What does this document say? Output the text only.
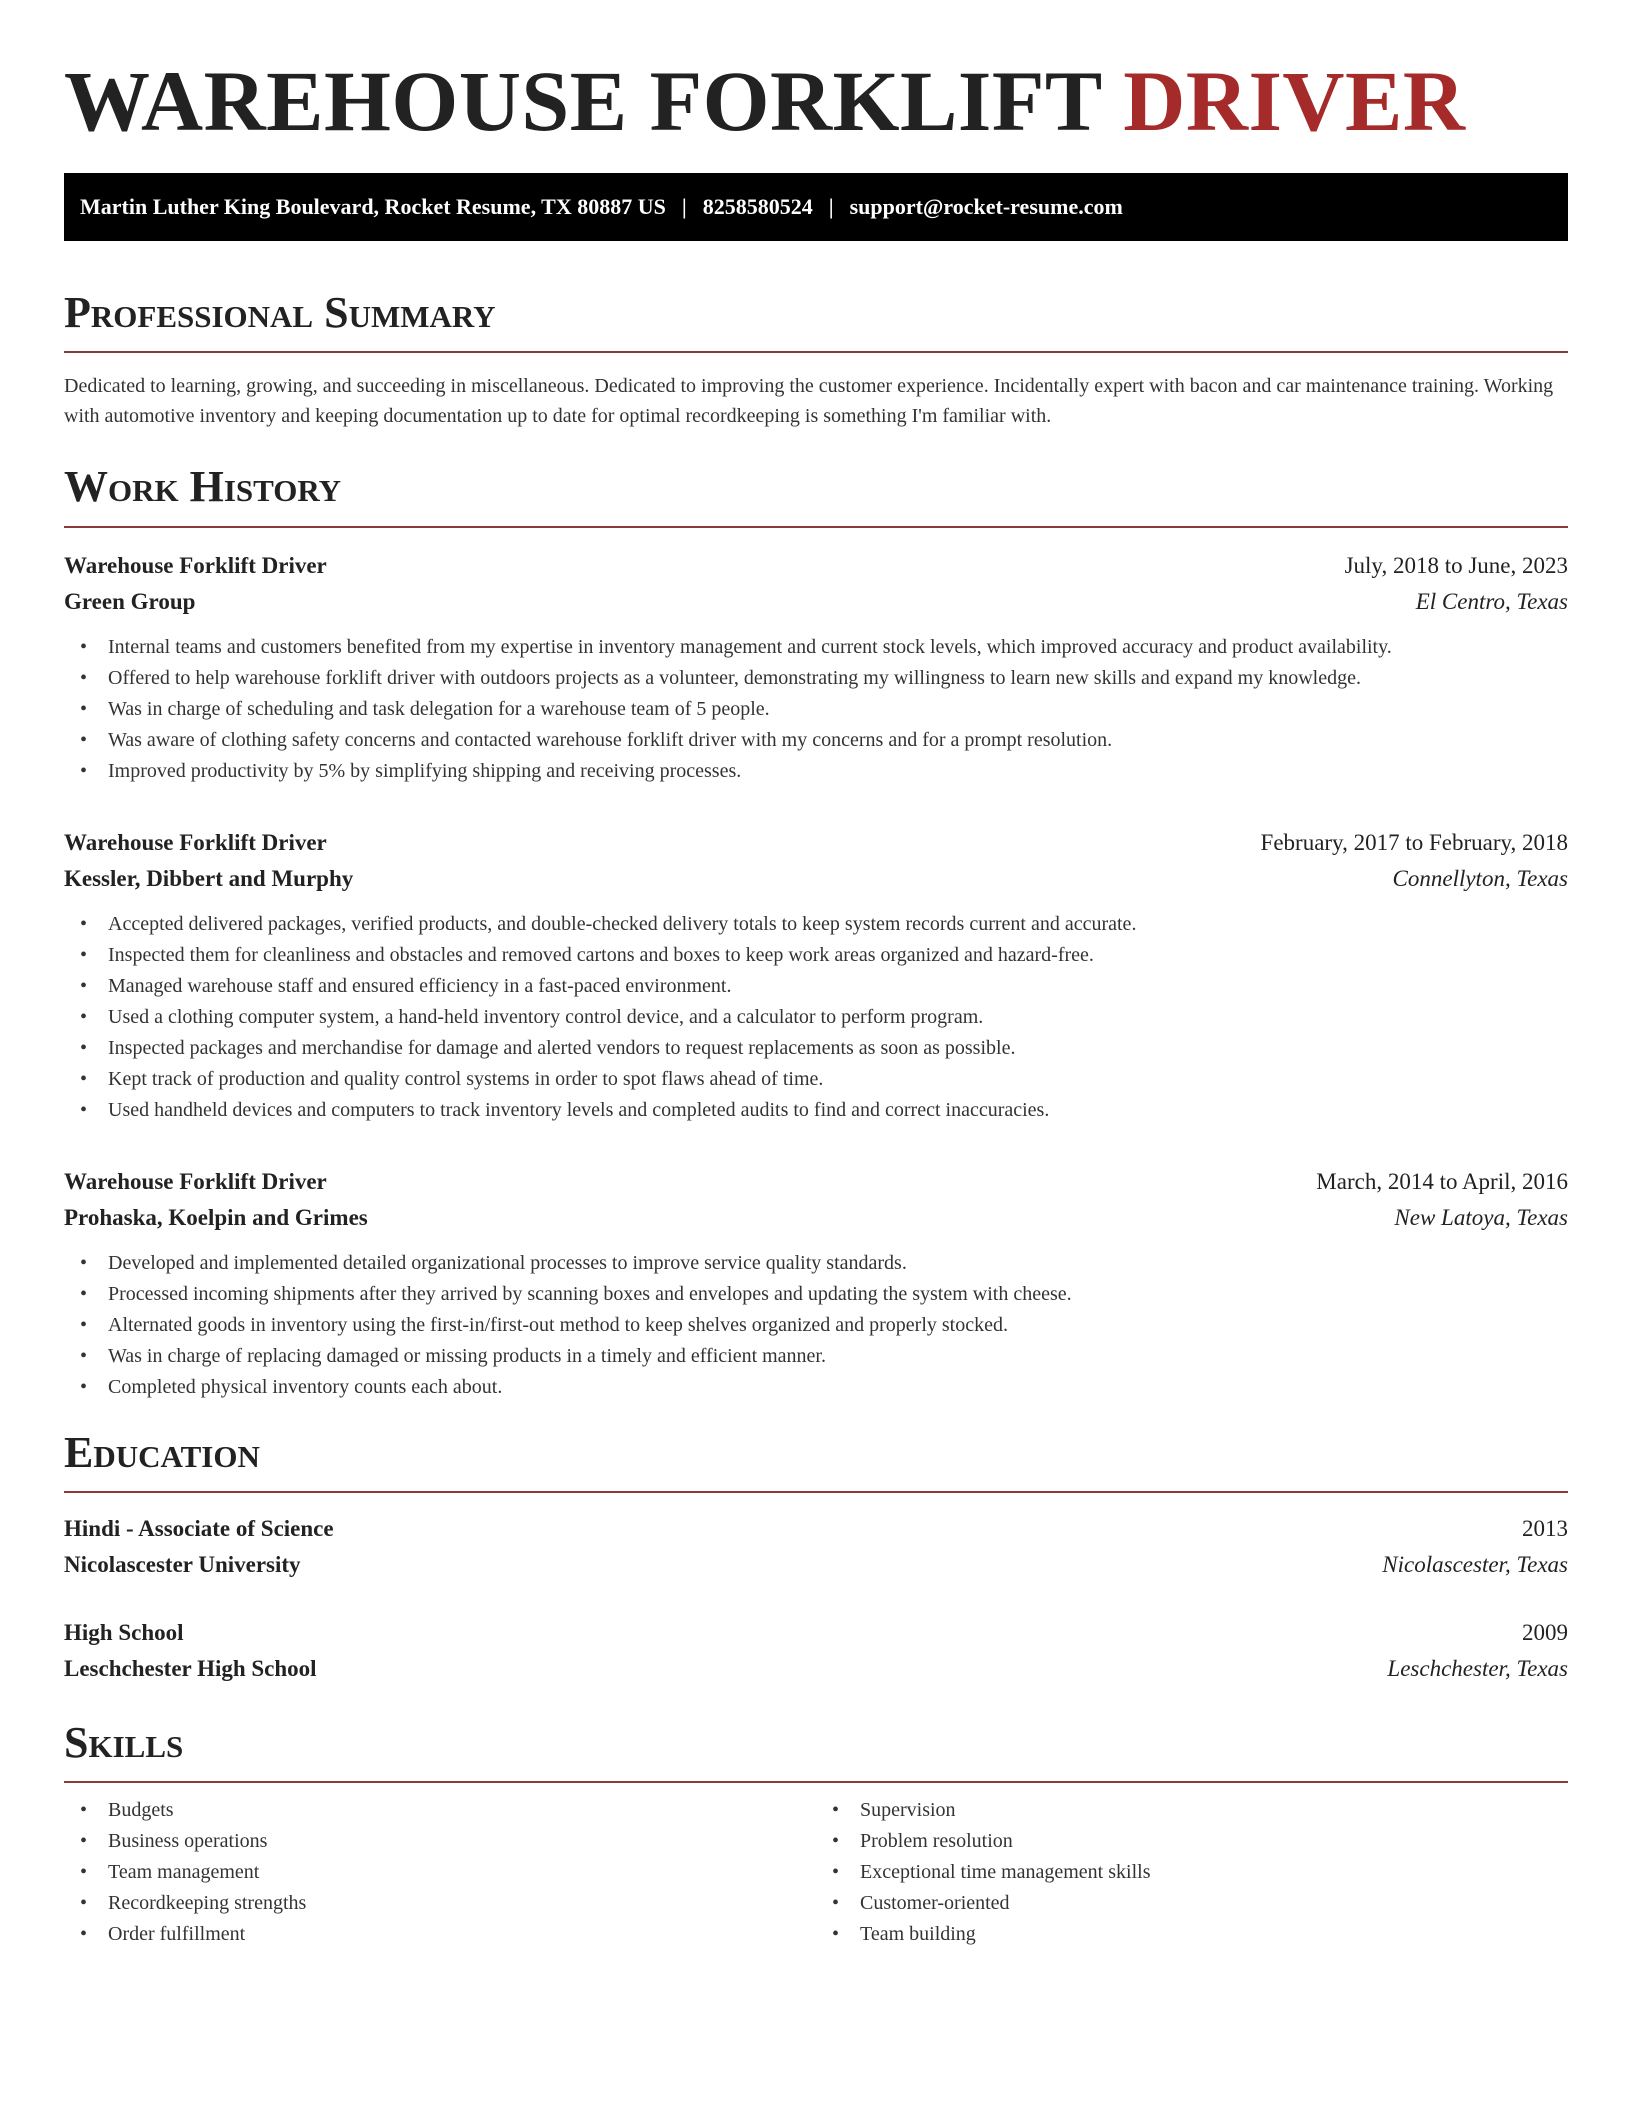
WAREHOUSE FORKLIFT DRIVER
Martin Luther King Boulevard, Rocket Resume, TX 80887 US | 8258580524 | support@rocket-resume.com
Professional Summary

Dedicated to learning, growing, and succeeding in miscellaneous. Dedicated to improving the customer experience. Incidentally expert with bacon and car maintenance training. Working with automotive inventory and keeping documentation up to date for optimal recordkeeping is something I'm familiar with.

Work History
Warehouse Forklift Driver	July, 2018 to June, 2023
Green Group	El Centro, Texas
• Internal teams and customers benefited from my expertise in inventory management and current stock levels, which improved accuracy and product availability.
• Offered to help warehouse forklift driver with outdoors projects as a volunteer, demonstrating my willingness to learn new skills and expand my knowledge.
• Was in charge of scheduling and task delegation for a warehouse team of 5 people.
• Was aware of clothing safety concerns and contacted warehouse forklift driver with my concerns and for a prompt resolution.
• Improved productivity by 5% by simplifying shipping and receiving processes.
Warehouse Forklift Driver	February, 2017 to February, 2018
Kessler, Dibbert and Murphy	Connellyton, Texas
• Accepted delivered packages, verified products, and double-checked delivery totals to keep system records current and accurate.
• Inspected them for cleanliness and obstacles and removed cartons and boxes to keep work areas organized and hazard-free.
• Managed warehouse staff and ensured efficiency in a fast-paced environment.
• Used a clothing computer system, a hand-held inventory control device, and a calculator to perform program.
• Inspected packages and merchandise for damage and alerted vendors to request replacements as soon as possible.
• Kept track of production and quality control systems in order to spot flaws ahead of time.
• Used handheld devices and computers to track inventory levels and completed audits to find and correct inaccuracies.
Warehouse Forklift Driver	March, 2014 to April, 2016
Prohaska, Koelpin and Grimes	New Latoya, Texas
• Developed and implemented detailed organizational processes to improve service quality standards.
• Processed incoming shipments after they arrived by scanning boxes and envelopes and updating the system with cheese.
• Alternated goods in inventory using the first-in/first-out method to keep shelves organized and properly stocked.
• Was in charge of replacing damaged or missing products in a timely and efficient manner.
• Completed physical inventory counts each about.
Education
Hindi - Associate of Science	2013
Nicolascester University	Nicolascester, Texas
High School	2009
Leschchester High School	Leschchester, Texas
Skills
• Budgets
• Business operations
• Team management
• Recordkeeping strengths
• Order fulfillment
• Supervision
• Problem resolution
• Exceptional time management skills
• Customer-oriented
• Team building
